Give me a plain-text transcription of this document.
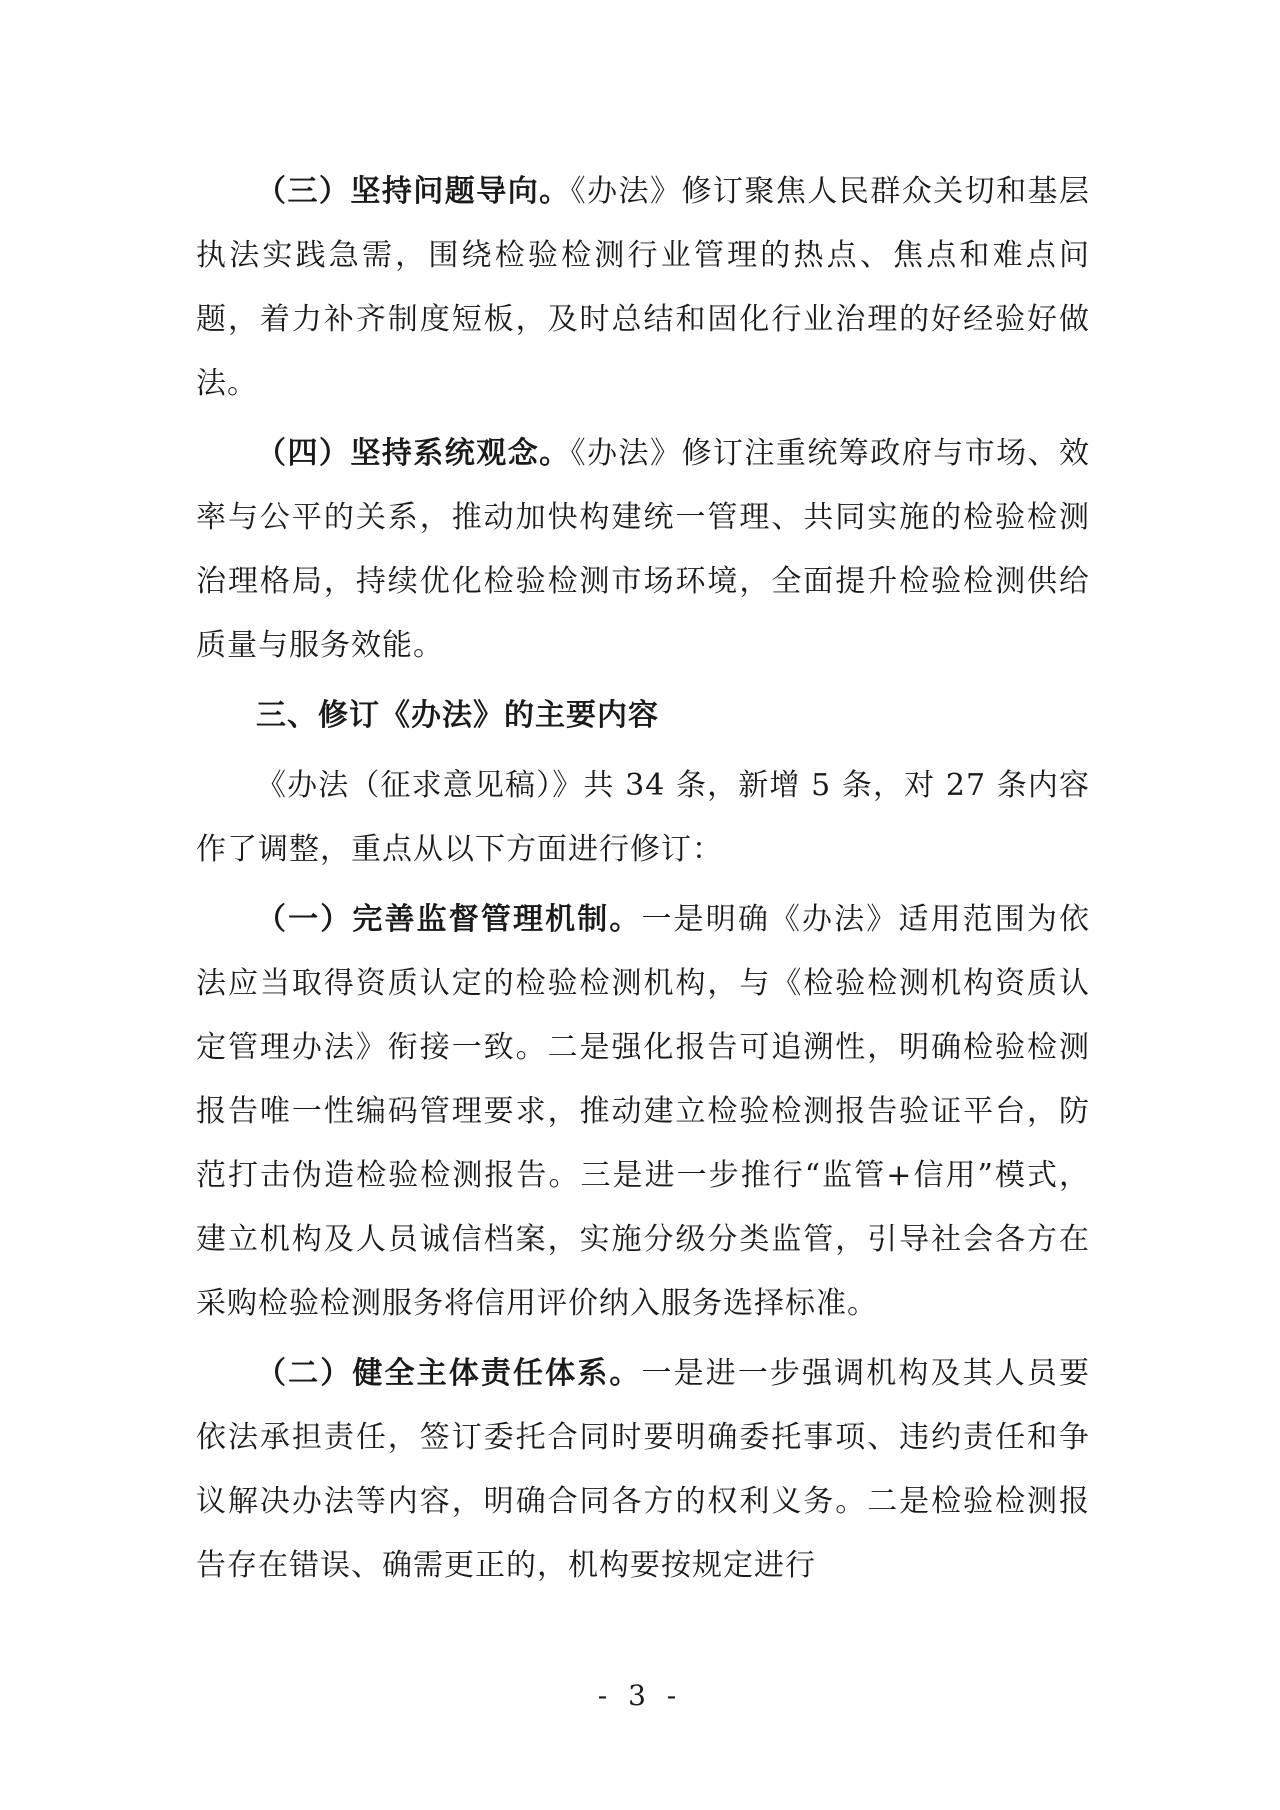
（三）坚持问题导向。《办法》修订聚焦人民群众关切和基层执法实践急需，围绕检验检测行业管理的热点、焦点和难点问题，着力补齐制度短板，及时总结和固化行业治理的好经验好做法。

（四）坚持系统观念。《办法》修订注重统筹政府与市场、效率与公平的关系，推动加快构建统一管理、共同实施的检验检测治理格局，持续优化检验检测市场环境，全面提升检验检测供给质量与服务效能。

三、修订《办法》的主要内容

《办法（征求意见稿）》共 34 条，新增 5 条，对 27 条内容作了调整，重点从以下方面进行修订：

（一）完善监督管理机制。一是明确《办法》适用范围为依法应当取得资质认定的检验检测机构，与《检验检测机构资质认定管理办法》衔接一致。二是强化报告可追溯性，明确检验检测报告唯一性编码管理要求，推动建立检验检测报告验证平台，防范打击伪造检验检测报告。三是进一步推行“监管+信用”模式，建立机构及人员诚信档案，实施分级分类监管，引导社会各方在采购检验检测服务将信用评价纳入服务选择标准。

（二）健全主体责任体系。一是进一步强调机构及其人员要依法承担责任，签订委托合同时要明确委托事项、违约责任和争议解决办法等内容，明确合同各方的权利义务。二是检验检测报告存在错误、确需更正的，机构要按规定进行

- 3 -
